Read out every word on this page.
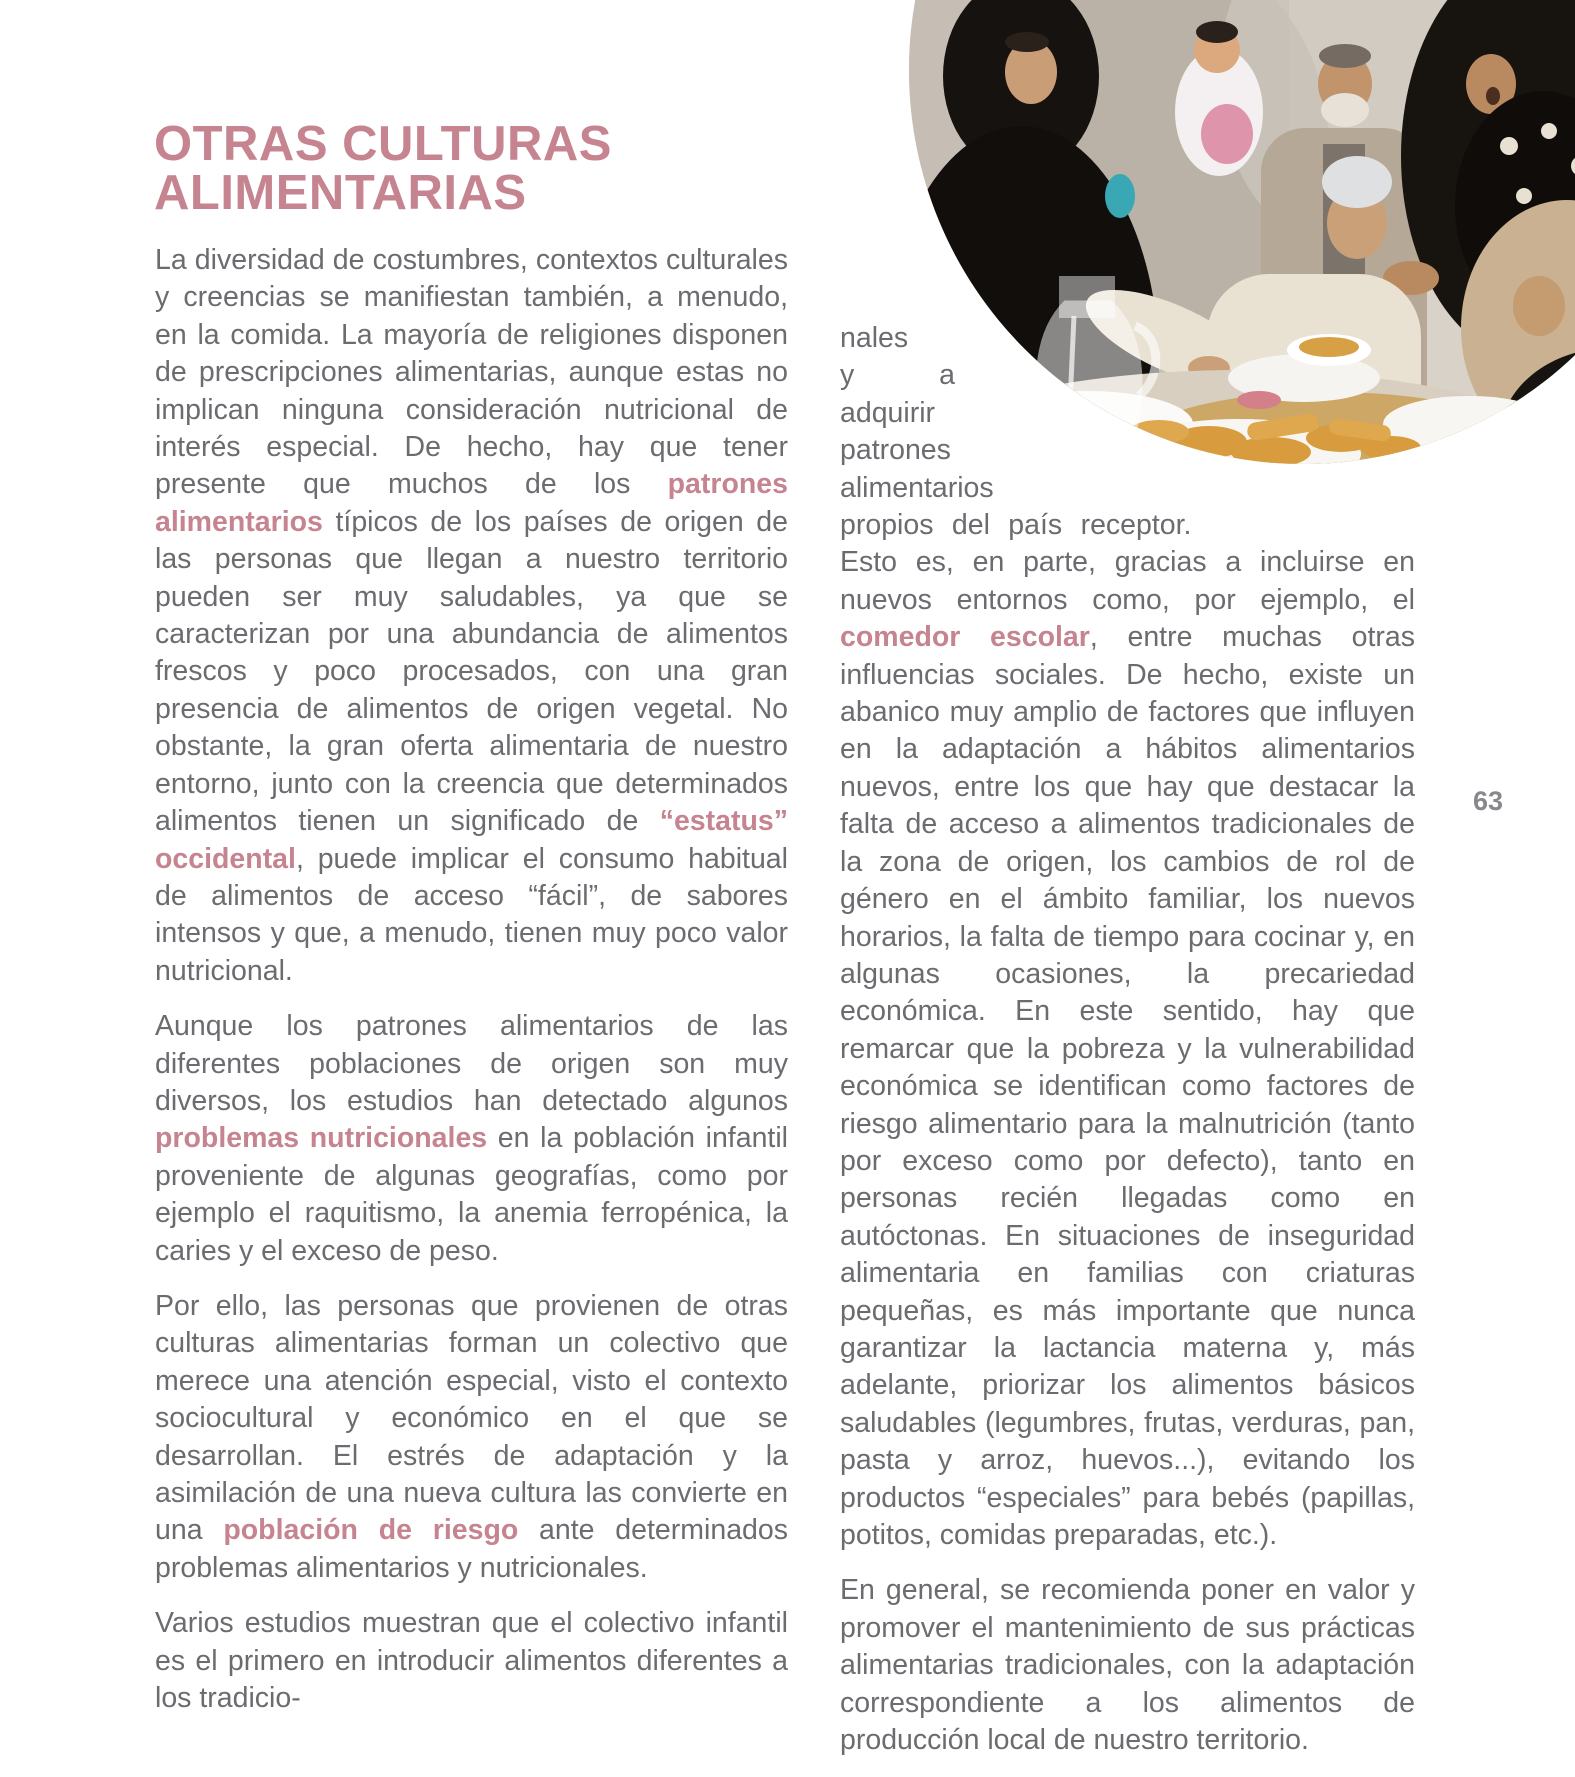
OTRAS CULTURAS
ALIMENTARIAS

La diversidad de costumbres, contextos culturales y creencias se manifiestan también, a menudo, en la comida. La mayoría de religiones disponen de prescripciones alimentarias, aunque estas no implican ninguna consideración nutricional de interés especial. De hecho, hay que tener presente que muchos de los patrones alimentarios típicos de los países de origen de las personas que llegan a nuestro territorio pueden ser muy saludables, ya que se caracterizan por una abundancia de alimentos frescos y poco procesados, con una gran presencia de alimentos de origen vegetal. No obstante, la gran oferta alimentaria de nuestro entorno, junto con la creencia que determinados alimentos tienen un significado de “estatus” occidental, puede implicar el consumo habitual de alimentos de acceso “fácil”, de sabores intensos y que, a menudo, tienen muy poco valor nutricional.

Aunque los patrones alimentarios de las diferentes poblaciones de origen son muy diversos, los estudios han detectado algunos problemas nutricionales en la población infantil proveniente de algunas geografías, como por ejemplo el raquitismo, la anemia ferropénica, la caries y el exceso de peso.

Por ello, las personas que provienen de otras culturas alimentarias forman un colectivo que merece una atención especial, visto el contexto sociocultural y económico en el que se desarrollan. El estrés de adaptación y la asimilación de una nueva cultura las convierte en una población de riesgo ante determinados problemas alimentarios y nutricionales.

Varios estudios muestran que el colectivo infantil es el primero en introducir alimentos diferentes a los tradicio-

nales y a adquirir patrones alimentarios propios del país receptor. Esto es, en parte, gracias a incluirse en nuevos entornos como, por ejemplo, el comedor escolar, entre muchas otras influencias sociales. De hecho, existe un abanico muy amplio de factores que influyen en la adaptación a hábitos alimentarios nuevos, entre los que hay que destacar la falta de acceso a alimentos tradicionales de la zona de origen, los cambios de rol de género en el ámbito familiar, los nuevos horarios, la falta de tiempo para cocinar y, en algunas ocasiones, la precariedad económica. En este sentido, hay que remarcar que la pobreza y la vulnerabilidad económica se identifican como factores de riesgo alimentario para la malnutrición (tanto por exceso como por defecto), tanto en personas recién llegadas como en autóctonas. En situaciones de inseguridad alimentaria en familias con criaturas pequeñas, es más importante que nunca garantizar la lactancia materna y, más adelante, priorizar los alimentos básicos saludables (legumbres, frutas, verduras, pan, pasta y arroz, huevos...), evitando los productos “especiales” para bebés (papillas, potitos, comidas preparadas, etc.).

En general, se recomienda poner en valor y promover el mantenimiento de sus prácticas alimentarias tradicionales, con la adaptación correspondiente a los alimentos de producción local de nuestro territorio.

63
